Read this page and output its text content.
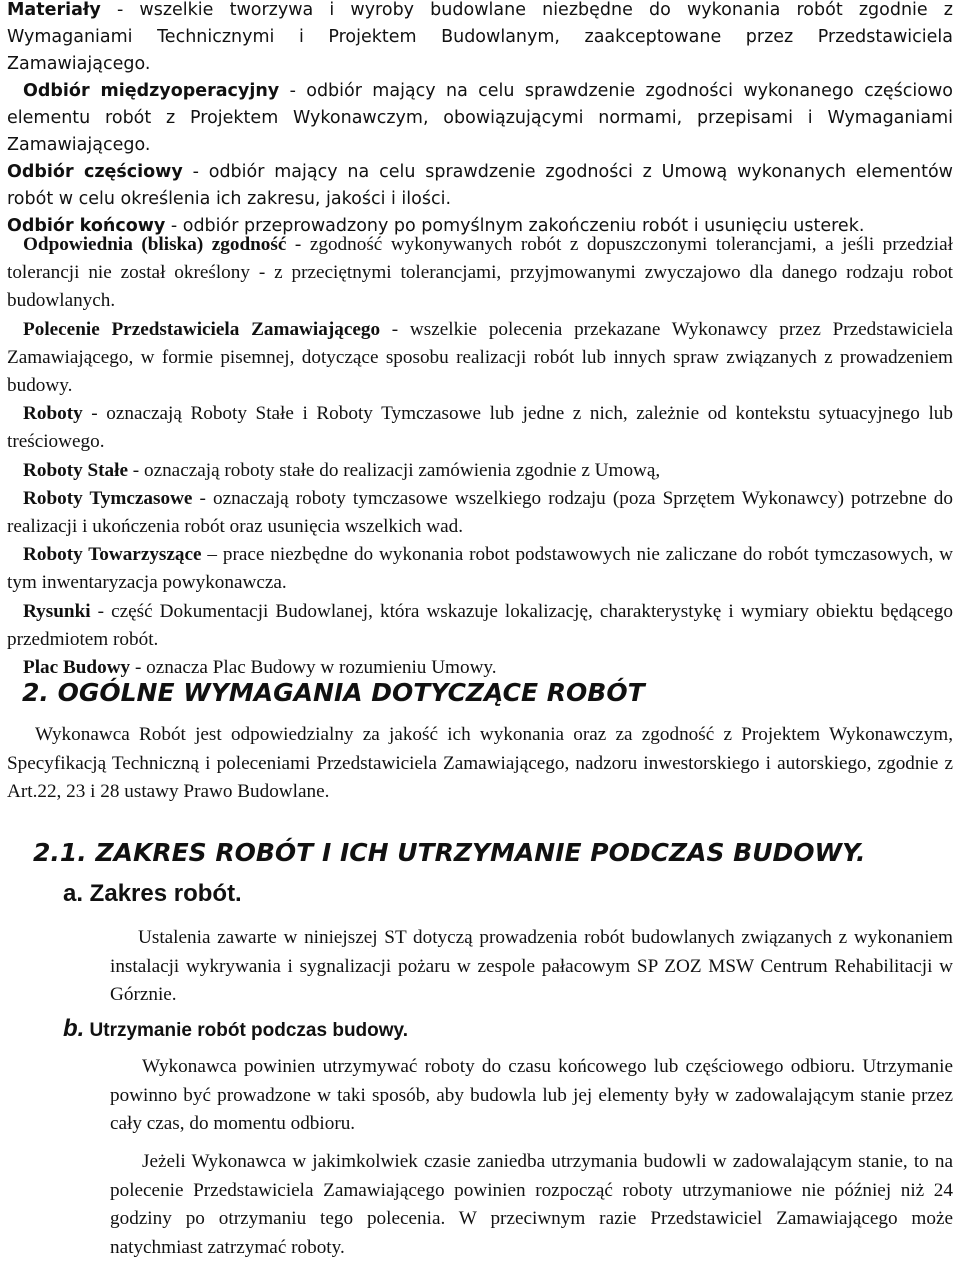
Materiały - wszelkie tworzywa i wyroby budowlane niezbędne do wykonania robót zgodnie z Wymaganiami Technicznymi i Projektem Budowlanym, zaakceptowane przez Przedstawiciela Zamawiającego.

Odbiór międzyoperacyjny - odbiór mający na celu sprawdzenie zgodności wykonanego częściowo elementu robót z Projektem Wykonawczym, obowiązującymi normami, przepisami i Wymaganiami Zamawiającego.

Odbiór częściowy - odbiór mający na celu sprawdzenie zgodności z Umową wykonanych elementów robót w celu określenia ich zakresu, jakości i ilości.

Odbiór końcowy - odbiór przeprowadzony po pomyślnym zakończeniu robót i usunięciu usterek.

Odpowiednia (bliska) zgodność - zgodność wykonywanych robót z dopuszczonymi tolerancjami, a jeśli przedział tolerancji nie został określony - z przeciętnymi tolerancjami, przyjmowanymi zwyczajowo dla danego rodzaju robot budowlanych.

Polecenie Przedstawiciela Zamawiającego - wszelkie polecenia przekazane Wykonawcy przez Przedstawiciela Zamawiającego, w formie pisemnej, dotyczące sposobu realizacji robót lub innych spraw związanych z prowadzeniem budowy.

Roboty - oznaczają Roboty Stałe i Roboty Tymczasowe lub jedne z nich, zależnie od kontekstu sytuacyjnego lub treściowego.

Roboty Stałe - oznaczają roboty stałe do realizacji zamówienia zgodnie z Umową,

Roboty Tymczasowe - oznaczają roboty tymczasowe wszelkiego rodzaju (poza Sprzętem Wykonawcy) potrzebne do realizacji i ukończenia robót oraz usunięcia wszelkich wad.

Roboty Towarzyszące – prace niezbędne do wykonania robot podstawowych nie zaliczane do robót tymczasowych, w tym inwentaryzacja powykonawcza.

Rysunki - część Dokumentacji Budowlanej, która wskazuje lokalizację, charakterystykę i wymiary obiektu będącego przedmiotem robót.

Plac Budowy - oznacza Plac Budowy w rozumieniu Umowy.

2. OGÓLNE WYMAGANIA DOTYCZĄCE ROBÓT

Wykonawca Robót jest odpowiedzialny za jakość ich wykonania oraz za zgodność z Projektem Wykonawczym, Specyfikacją Techniczną i poleceniami Przedstawiciela Zamawiającego, nadzoru inwestorskiego i autorskiego, zgodnie z Art.22, 23 i 28 ustawy Prawo Budowlane.

2.1. ZAKRES ROBÓT I ICH UTRZYMANIE PODCZAS BUDOWY.
a. Zakres robót.

Ustalenia zawarte w niniejszej ST dotyczą prowadzenia robót budowlanych związanych z wykonaniem instalacji wykrywania i sygnalizacji pożaru w zespole pałacowym SP ZOZ MSW Centrum Rehabilitacji w Górznie.

b. Utrzymanie robót podczas budowy.

Wykonawca powinien utrzymywać roboty do czasu końcowego lub częściowego odbioru. Utrzymanie powinno być prowadzone w taki sposób, aby budowla lub jej elementy były w zadowalającym stanie przez cały czas, do momentu odbioru.

Jeżeli Wykonawca w jakimkolwiek czasie zaniedba utrzymania budowli w zadowalającym stanie, to na polecenie Przedstawiciela Zamawiającego powinien rozpocząć roboty utrzymaniowe nie później niż 24 godziny po otrzymaniu tego polecenia. W przeciwnym razie Przedstawiciel Zamawiającego może natychmiast zatrzymać roboty.
